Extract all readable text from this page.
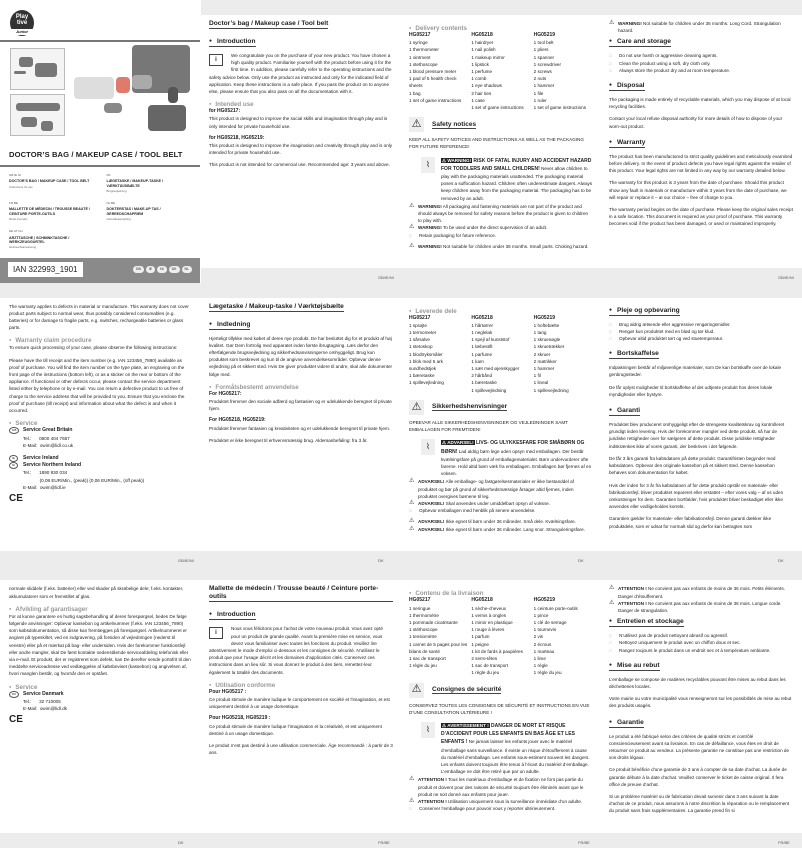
Doctor’s bag / Makeup case / Tool belt
● Introduction
i
We congratulate you on the purchase of your new product. You have chosen a high quality product. Familiarise yourself with the product before using it for the first time. In addition, please carefully refer to the operating instructions and the safety advice below. Only use the product as instructed and only for the indicated field of application. Keep these instructions in a safe place. If you pass the product on to anyone else, please ensure that you also pass on all the documentation with it.
● Intended use
for HG05217:
This product is designed to improve the social skills and imagination through play and is only intended for private household use.
for HG05218, HG05219:
This product is designed to improve the imagination and creativity through play and is only intended for private household use.
This product is not intended for commercial use. Recommended age: 3 years and above.
● Delivery contents
HG05217
1 syringe
1 thermometer
1 ointment
1 stethoscope
1 blood pressure meter
1 pad of 5 health check sheets
1 bag
1 set of game instructions
HG05218
1 hairdryer
1 nail polish
1 makeup mirror
1 lipstick
1 perfume
1 comb
1 eye shadows
2 hair ties
1 case
1 set of game instructions
HG05219
1 tool belt
1 pliers
1 spanner
1 screwdriver
2 screws
2 nuts
1 hammer
1 file
1 ruler
1 set of game instructions
⚠	Safety notices
KEEP ALL SAFETY NOTICES AND INSTRUCTIONS AS WELL AS THE PACKAGING FOR FUTURE REFERENCE!
⌇	⚠ WARNING! RISK OF FATAL INJURY AND ACCIDENT HAZARD FOR TODDLERS AND SMALL CHILDREN! Never allow children to play with the packaging materials unattended. The packaging material poses a suffocation hazard. Children often underestimate dangers. Always keep children away from the packaging material. The packaging has to be removed by an adult.
⚠ WARNING! All packaging and fastening materials are not part of the product and should always be removed for safety reasons before the product is given to children to play with.
⚠ WARNING! To be used under the direct supervision of an adult.
□ Retain packaging for future reference.
⚠ WARNING! Not suitable for children under 36 months. Small parts. Choking hazard.
⚠ WARNING! Not suitable for children under 36 months. Long Cord. Strangulation hazard.
● Care and storage
□ Do not use harsh or aggressive cleaning agents.
□ Clean the product using a soft, dry cloth only.
□ Always store the product dry and at room temperature.
● Disposal
The packaging is made entirely of recyclable materials, which you may dispose of at local recycling facilities.
Contact your local refuse disposal authority for more details of how to dispose of your worn-out product.
● Warranty
The product has been manufactured to strict quality guidelines and meticulously examined before delivery. In the event of product defects you have legal rights against the retailer of this product. Your legal rights are not limited in any way by our warranty detailed below.
The warranty for this product is 3 years from the date of purchase. Should this product show any fault in materials or manufacture within 3 years from the date of purchase, we will repair or replace it – at our choice – free of charge to you.
The warranty period begins on the date of purchase. Please keep the original sales receipt in a safe location. This document is required as your proof of purchase. This warranty becomes void if the product has been damaged, or used or maintained improperly.
GB/IE/NI	GB/IE/NI
Play
tive
Junior
DOCTOR’S BAG / MAKEUP CASE / TOOL BELT
GB IE NI
DOCTOR’S BAG / MAKEUP CASE / TOOL BELT
Instructions for use
DK
LÆGETASKE / MAKEUP-TASKE / VÆRKTØJSBÆLTE
Brugsvejledning
FR BE
MALLETTE DE MÉDECIN / TROUSSE BEAUTÉ / CEINTURE PORTE-OUTILS
Mode d’emploi
NL BE
DOKTERSTAS / MAKE-UP TAS / GEREEDSCHAPRIEM
Gebruiksaanwijzing
DE AT CH
ARZTTASCHE / SCHMINKTASCHE / WERKZEUGGÜRTEL
Gebrauchsanweisung
IAN 322993_1901	GB	IE	NI	DK	NL
The warranty applies to defects in material or manufacture. This warranty does not cover product parts subject to normal wear, thus possibly considered consumables (e.g. batteries) or for damage to fragile parts, e.g. switches, rechargeable batteries or glass parts.
● Warranty claim procedure
To ensure quick processing of your case, please observe the following instructions:
Please have the till receipt and the item number (e.g. IAN 123456_7890) available as proof of purchase. You will find the item number on the type plate, an engraving on the front page of the instructions (bottom left), or as a sticker on the rear or bottom of the appliance. If functional or other defects occur, please contact the service department listed either by telephone or by e-mail. You can return a defective product to us free of charge to the service address that will be provided to you. Ensure that you enclose the proof of purchase (till receipt) and information about what the defect is and when it occurred.
● Service
GB	Service Great Britain
Tel.:      0800 404 7657
E-Mail:  owim@lidl.co.uk
IE	Service Ireland
NI	Service Northern Ireland
Tel.:      1890 930 034
(0,08 EUR/Min., (peak)) (0,06 EUR/Min., (off peak))
E-Mail:  owim@lidl.ie
CE
Lægetaske / Makeup-taske / Værktøjsbælte
● Indledning
Hjerteligt tillykke med købet af deres nye produkt. De har besluttet dig for et produkt af høj kvalitet. Gør Dem fortrolig med apparatet inden første ibrugtagning. Læs derfor den efterfølgende brugsvejledning og sikkerhedsanvisningerne omhyggeligt. Brug kun produktet som beskrevet og kun til de angivne anvendelsesområder. Opbevar denne vejledning på et sikkert sted. Hvis De giver produktet videre til andre, skal alle dokumenter følge med.
● Formålsbestemt anvendelse
For HG05217:
Produktet fremmer den sociale adfærd og fantasien og er udelukkende beregnet til private hjem.
For HG05218, HG05219:
Produktet fremmer fantasien og kreativiteten og er udelukkende beregnet til private hjem.
Produktet er ikke beregnet til erhvervsmæssig brug. Aldersanbefaling: fra 3 år.
● Leverede dele
HG05217
1 sprøjte
1 termometer
1 sårsalve
1 stetoskop
1 blodtryksmåler
1 blok med 5 ark sundhedstjek
1 bæretaske
1 spillevejledning
HG05218
1 hårtørrer
1 neglelak
1 spejl af kunststof
1 læbestift
1 parfume
1 kam
1 sæt med øjenskygger
2 hårbånd
1 bæretaske
1 spillevejledning
HG05219
1 hoftebælte
1 tang
1 skruenøgle
1 skruetrækker
2 skruer
2 møtrikker
1 hammer
1 fil
1 lineal
1 spillevejledning
⚠	Sikkerhedshenvisninger
OPBEVAR ALLE SIKKERHEDSHENVISNINGER OG VEJLEDNINGER SAMT EMBALLAGEN FOR FREMTIDEN!
⌇	⚠ ADVARSEL! LIVS- OG ULYKKESFARE FOR SMÅBØRN OG BØRN! Lad aldrig børn lege uden opsyn med emballagen. Der består kvælningsfare på grund af emballagematerialet. Børn undervurderer ofte farerne. Hold altid børn væk fra emballagen. Emballagen bør fjernes af en voksen.
⚠ ADVARSEL! Alle emballage- og fastgørelsesmaterialer er ikke bestanddel af produktet og bør på grund af sikkerhedsmæssige årsager altid fjernes, inden produktet overgives børnene til leg.
⚠ ADVARSEL! Skal anvendes under umiddelbart opsyn af voksne.
□ Opbevar emballagen med henblik på senere anvendelse.
⚠ ADVARSEL! Ikke egnet til børn under 36 måneder. Små dele. Kvælningsfare.
⚠ ADVARSEL! Ikke egnet til børn under 36 måneder. Lang snor. Stranguleringsfare.
● Pleje og opbevaring
□ Brug aldrig ætsende eller aggressive rengøringsmidler.
□ Rengør kun produktet med en blød og tør klud.
□ Opbevar altid produktet tørt og ved stuetemperatur.
● Bortskaffelse
Indpakningen består af miljøvenlige materialer, som De kan bortskaffe over de lokale genbrugssteder.
De får oplyst muligheder til bortskaffelse af det udtjente produkt hos deres lokale myndigheder eller bystyre.
● Garanti
Produktet blev produceret omhyggeligt efter de strengeste kvalitetskrav og kontrolleret grundigt inden levering. Hvis der forekommer mangler ved dette produkt, så har de juridiske rettigheder over for sælgeren af dette produkt. Disse juridiske rettigheder indskrænkes ikke af vores garanti, der beskrives i det følgende.
De får 3 års garanti fra købsdatoen på dette produkt. Garantifristen begynder med købsdatoen. Opbevar den originale kassebon på et sikkert sted. Denne kassebon behøves som dokumentation for købet.
Hvis der inden for 3 år fra købsdatoen af for dette produkt opstår en materiale- eller fabrikationsfejl, bliver produktet repareret eller erstattet – efter vores valg – af os uden omkostninger for dem. Garantien bortfalder, hvis produktet bliver beskadiget eller ikke anvendes eller vedligeholdes korrekt.
Garantien gælder for materiale- eller fabrikationsfejl. Denne garanti dækker ikke produktdele, som er udsat for normalt slid og derfor kan betragtes som
GB/IE/NI	DK	DK	DK
normale sliddele (f.eks. batterier) eller ved skader på skrøbelige dele; f.eks. kontakter, akkumulatorer som er fremstillet af glas.
● Afvikling af garantisager
For at kunne garantere en hurtig sagsbehandling af deres forespørgsel, bedes De følge følgende anvisninger: Opbevar kassebon og artikelnummer (f.eks. IAN 123456_7890) som købsdokumentation, så disse kan fremlægges på forespørgsel. Artikelnummeret er angivet på typeskiltet, ved en indgravering, på forsiden af vejledningen (nederst til venstre) eller på et mærkat på bag- eller undersiden. Hvis der forekommer funktionsfejl eller andre mangler, skal De først kontakte nedenstående serviceafdeling telefonisk eller via e-mail. Et produkt, der er registreret som defekt, kan De derefter sende portofrit til den meddelte serviceadresse ved vedlæggelse af købsbeviset (kassebon) og angivelsen af, hvori manglen består, og hvornår den er opstået.
● Service
DK	Service Danmark
Tel.:      32 710005
E-Mail:  owim@lidl.dk
CE
Mallette de médecin / Trousse beauté / Ceinture porte-outils
● Introduction
i
Nous vous félicitons pour l’achat de votre nouveau produit. Vous avez opté pour un produit de grande qualité. Avant la première mise en service, vous devez vous familiariser avec toutes les fonctions du produit. Veuillez lire attentivement le mode d’emploi ci-dessous et les consignes de sécurité. N’utilisez le produit que pour l’usage décrit et les domaines d’application cités. Conservez ces instructions dans un lieu sûr. Si vous donnez le produit à des tiers, remettez-leur également la totalité des documents.
● Utilisation conforme
Pour HG05217 :
Ce produit stimule de manière ludique le comportement en société et l’imagination, et est uniquement destiné à un usage domestique.
Pour HG05218, HG05219 :
Ce produit stimule de manière ludique l’imagination et la créativité, et est uniquement destiné à un usage domestique.
Le produit n’est pas destiné à une utilisation commerciale. Âge recommandé : à partir de 3 ans.
● Contenu de la livraison
HG05217
1 seringue
1 thermomètre
1 pommade cicatrisante
1 stéthoscope
1 tensiomètre
1 carnet de 5 pages pour les bilans de santé
1 sac de transport
1 règle du jeu
HG05218
1 sèche-cheveux
1 vernis à ongles
1 miroir en plastique
1 rouge à lèvres
1 parfum
1 peigne
1 kit de fards à paupières
2 serre-têtes
1 sac de transport
1 règle du jeu
HG05219
1 ceinture porte-outils
1 pince
1 clé de serrage
1 tournevis
2 vis
2 écrous
1 marteau
1 lime
1 règle
1 règle du jeu
⚠	Consignes de sécurité
CONSERVEZ TOUTES LES CONSIGNES DE SÉCURITÉ ET INSTRUCTIONS EN VUE D’UNE CONSULTATION ULTÉRIEURE !
⌇	⚠ AVERTISSEMENT ! DANGER DE MORT ET RISQUE D’ACCIDENT POUR LES ENFANTS EN BAS ÂGE ET LES ENFANTS ! Ne jamais laisser les enfants jouer avec le matériel d’emballage sans surveillance. Il existe un risque d’étouffement à cause du matériel d’emballage. Les enfants sous-estiment souvent les dangers. Les enfants doivent toujours être tenus à l’écart du matériel d’emballage. L’emballage ne doit être retiré que par un adulte.
⚠ ATTENTION ! Tous les matériaux d’emballage et de fixation ne font pas partie du produit et doivent pour des raisons de sécurité toujours être éliminés avant que le produit ne soit donné aux enfants pour jouer.
⚠ ATTENTION ! Utilisation uniquement sous la surveillance immédiate d’un adulte.
□ Conserver l’emballage pour pouvoir vous y reporter ultérieurement.
⚠ ATTENTION ! Ne convient pas aux enfants de moins de 36 mois. Petits éléments. Danger d’étouffement.
⚠ ATTENTION ! Ne convient pas aux enfants de moins de 36 mois. Longue corde. Danger de strangulation.
● Entretien et stockage
□ N’utilisez pas de produit nettoyant abrasif ou agressif.
□ Nettoyez uniquement le produit avec un chiffon doux et sec.
□ Rangez toujours le produit dans un endroit sec et à température ambiante.
● Mise au rebut
L’emballage se compose de matières recyclables pouvant être mises au rebut dans les déchetteries locales.
Votre mairie ou votre municipalité vous renseigneront sur les possibilités de mise au rebut des produits usagés.
● Garantie
Le produit a été fabriqué selon des critères de qualité stricts et contrôlé consciencieusement avant sa livraison. En cas de défaillance, vous êtes en droit de retourner ce produit au vendeur. La présente garantie ne constitue pas une restriction de vos droits légaux.
Ce produit bénéficie d’une garantie de 3 ans à compter de sa date d’achat. La durée de garantie débute à la date d’achat. Veuillez conserver le ticket de caisse original. Il fera office de preuve d’achat.
Si un problème matériel ou de fabrication devait survenir dans 3 ans suivant la date d’achat de ce produit, nous assurons à notre discrétion la réparation ou le remplacement du produit sans frais supplémentaires. La garantie prend fin si
DK	FR/BE	FR/BE	FR/BE
